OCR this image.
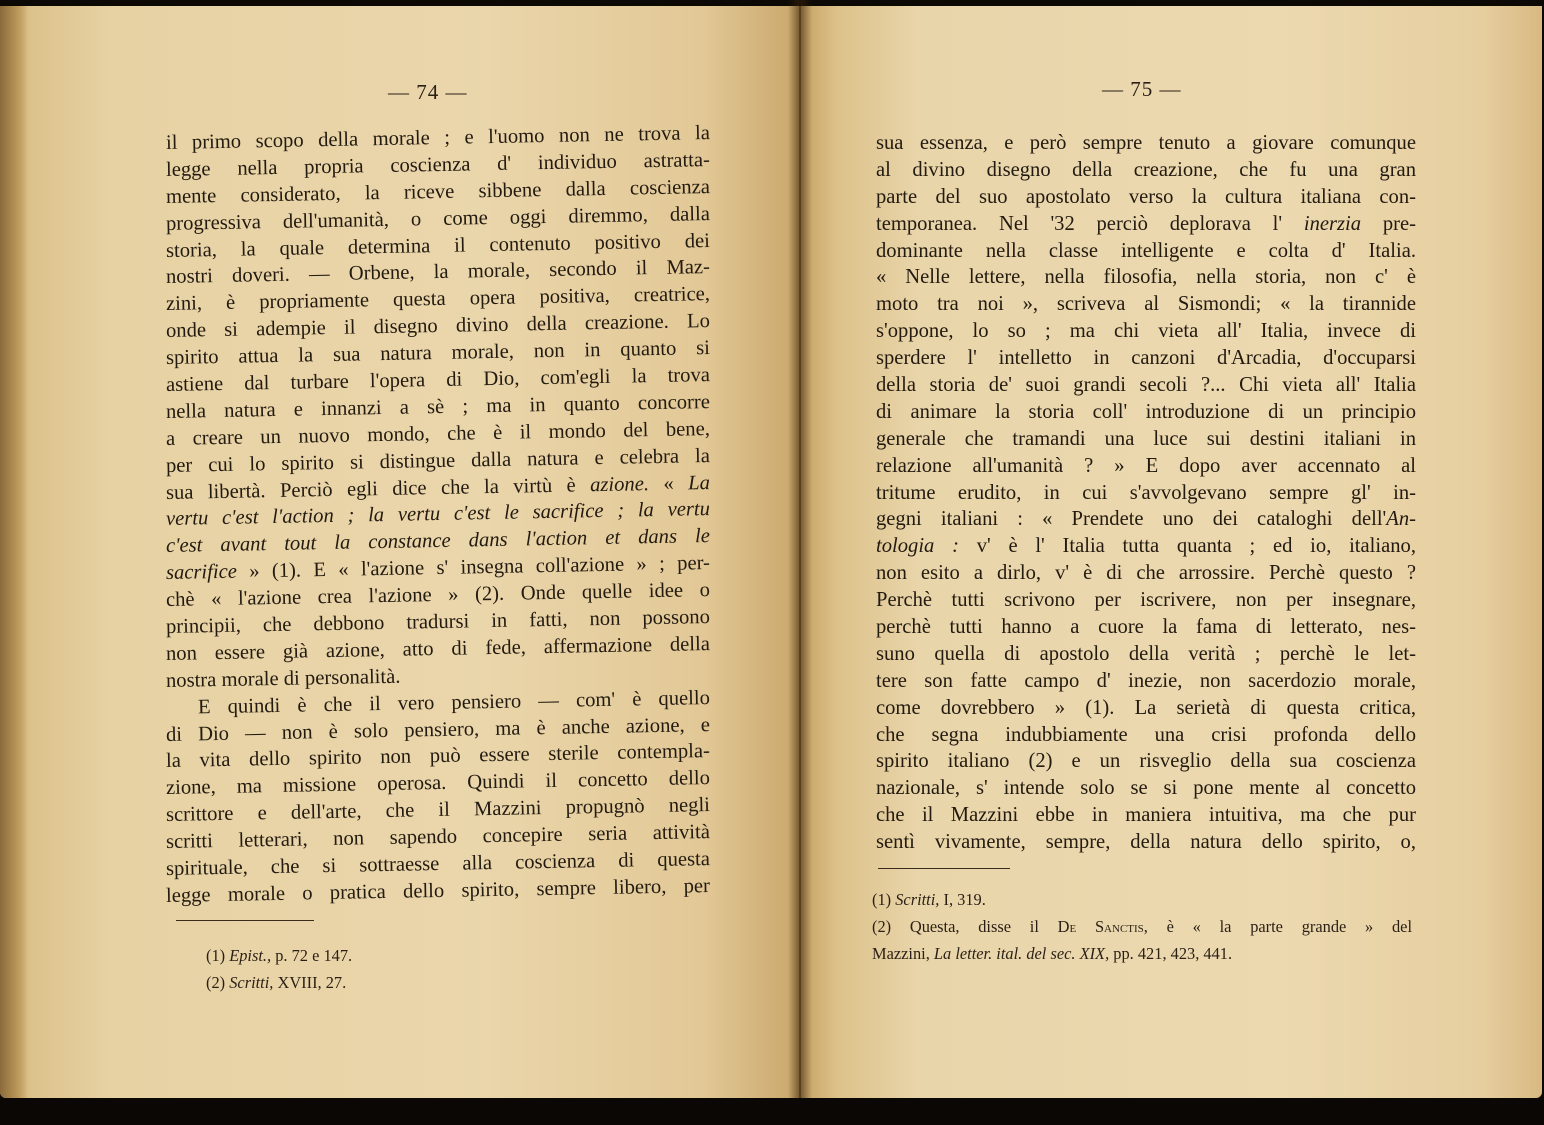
— 74 —
il primo scopo della morale ; e l'uomo non ne trova la
legge nella propria coscienza d' individuo astratta-
mente considerato, la riceve sibbene dalla coscienza
progressiva dell'umanità, o come oggi diremmo, dalla
storia, la quale determina il contenuto positivo dei
nostri doveri. — Orbene, la morale, secondo il Maz-
zini, è propriamente questa opera positiva, creatrice,
onde si adempie il disegno divino della creazione. Lo
spirito attua la sua natura morale, non in quanto si
astiene dal turbare l'opera di Dio, com'egli la trova
nella natura e innanzi a sè ; ma in quanto concorre
a creare un nuovo mondo, che è il mondo del bene,
per cui lo spirito si distingue dalla natura e celebra la
sua libertà. Perciò egli dice che la virtù è azione. « La
vertu c'est l'action ; la vertu c'est le sacrifice ; la vertu
c'est avant tout la constance dans l'action et dans le
sacrifice » (1). E « l'azione s' insegna coll'azione » ; per-
chè « l'azione crea l'azione » (2). Onde quelle idee o
principii, che debbono tradursi in fatti, non possono
non essere già azione, atto di fede, affermazione della
nostra morale di personalità.
E quindi è che il vero pensiero — com' è quello
di Dio — non è solo pensiero, ma è anche azione, e
la vita dello spirito non può essere sterile contempla-
zione, ma missione operosa. Quindi il concetto dello
scrittore e dell'arte, che il Mazzini propugnò negli
scritti letterari, non sapendo concepire seria attività
spirituale, che si sottraesse alla coscienza di questa
legge morale o pratica dello spirito, sempre libero, per
(1) Epist., p. 72 e 147.
(2) Scritti, XVIII, 27.
— 75 —
sua essenza, e però sempre tenuto a giovare comunque
al divino disegno della creazione, che fu una gran
parte del suo apostolato verso la cultura italiana con-
temporanea. Nel '32 perciò deplorava l' inerzia pre-
dominante nella classe intelligente e colta d' Italia.
« Nelle lettere, nella filosofia, nella storia, non c' è
moto tra noi », scriveva al Sismondi; « la tirannide
s'oppone, lo so ; ma chi vieta all' Italia, invece di
sperdere l' intelletto in canzoni d'Arcadia, d'occuparsi
della storia de' suoi grandi secoli ?... Chi vieta all' Italia
di animare la storia coll' introduzione di un principio
generale che tramandi una luce sui destini italiani in
relazione all'umanità ? » E dopo aver accennato al
tritume erudito, in cui s'avvolgevano sempre gl' in-
gegni italiani : « Prendete uno dei cataloghi dell'An-
tologia : v' è l' Italia tutta quanta ; ed io, italiano,
non esito a dirlo, v' è di che arrossire. Perchè questo ?
Perchè tutti scrivono per iscrivere, non per insegnare,
perchè tutti hanno a cuore la fama di letterato, nes-
suno quella di apostolo della verità ; perchè le let-
tere son fatte campo d' inezie, non sacerdozio morale,
come dovrebbero » (1). La serietà di questa critica,
che segna indubbiamente una crisi profonda dello
spirito italiano (2) e un risveglio della sua coscienza
nazionale, s' intende solo se si pone mente al concetto
che il Mazzini ebbe in maniera intuitiva, ma che pur
sentì vivamente, sempre, della natura dello spirito, o,
(1) Scritti, I, 319.
(2) Questa, disse il De Sanctis, è « la parte grande » del
Mazzini, La letter. ital. del sec. XIX, pp. 421, 423, 441.
